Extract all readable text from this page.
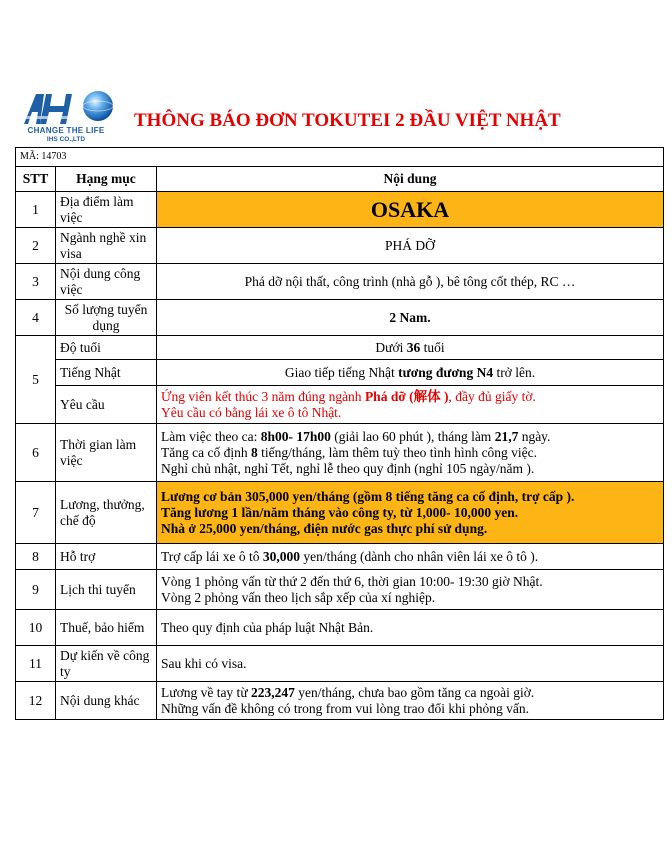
CHANGE THE LIFE
IHS CO.,LTD
THÔNG BÁO ĐƠN TOKUTEI 2 ĐẦU VIỆT NHẬT
MÃ: 14703		
STT	Hạng mục	Nội dung
1	Địa điểm làm việc	OSAKA
2	Ngành nghề xin visa	PHÁ DỠ
3	Nội dung công việc	Phá dỡ nội thất, công trình (nhà gỗ ), bê tông cốt thép, RC …
4	Số lượng tuyển dụng	2 Nam.
5	Độ tuổi	Dưới 36 tuổi
	Tiếng Nhật	Giao tiếp tiếng Nhật tương đương N4 trở lên.
	Yêu cầu	Ứng viên kết thúc 3 năm đúng ngành Phá dỡ (解体 ), đầy đủ giấy tờ.
Yêu cầu có bằng lái xe ô tô Nhật.

6	Thời gian làm việc	Làm việc theo ca: 8h00- 17h00 (giải lao 60 phút ), tháng làm 21,7 ngày.
Tăng ca cố định 8 tiếng/tháng, làm thêm tuỳ theo tình hình công việc.
Nghỉ chủ nhật, nghỉ Tết, nghỉ lễ theo quy định (nghỉ 105 ngày/năm ).

7	Lương, thưởng, chế độ	Lương cơ bản 305,000 yen/tháng (gồm 8 tiếng tăng ca cố định, trợ cấp ).
Tăng lương 1 lần/năm tháng vào công ty, từ 1,000- 10,000 yen.
Nhà ở 25,000 yen/tháng, điện nước gas thực phí sử dụng.

8	Hỗ trợ	Trợ cấp lái xe ô tô 30,000 yen/tháng (dành cho nhân viên lái xe ô tô ).
9	Lịch thi tuyển	Vòng 1 phỏng vấn từ thứ 2 đến thứ 6, thời gian 10:00- 19:30 giờ Nhật.
Vòng 2 phỏng vấn theo lịch sắp xếp của xí nghiệp.

10	Thuế, bảo hiểm	Theo quy định của pháp luật Nhật Bản.
11	Dự kiến về công ty	Sau khi có visa.
12	Nội dung khác	Lương về tay từ 223,247 yen/tháng, chưa bao gồm tăng ca ngoài giờ.
Những vấn đề không có trong from vui lòng trao đổi khi phỏng vấn.
